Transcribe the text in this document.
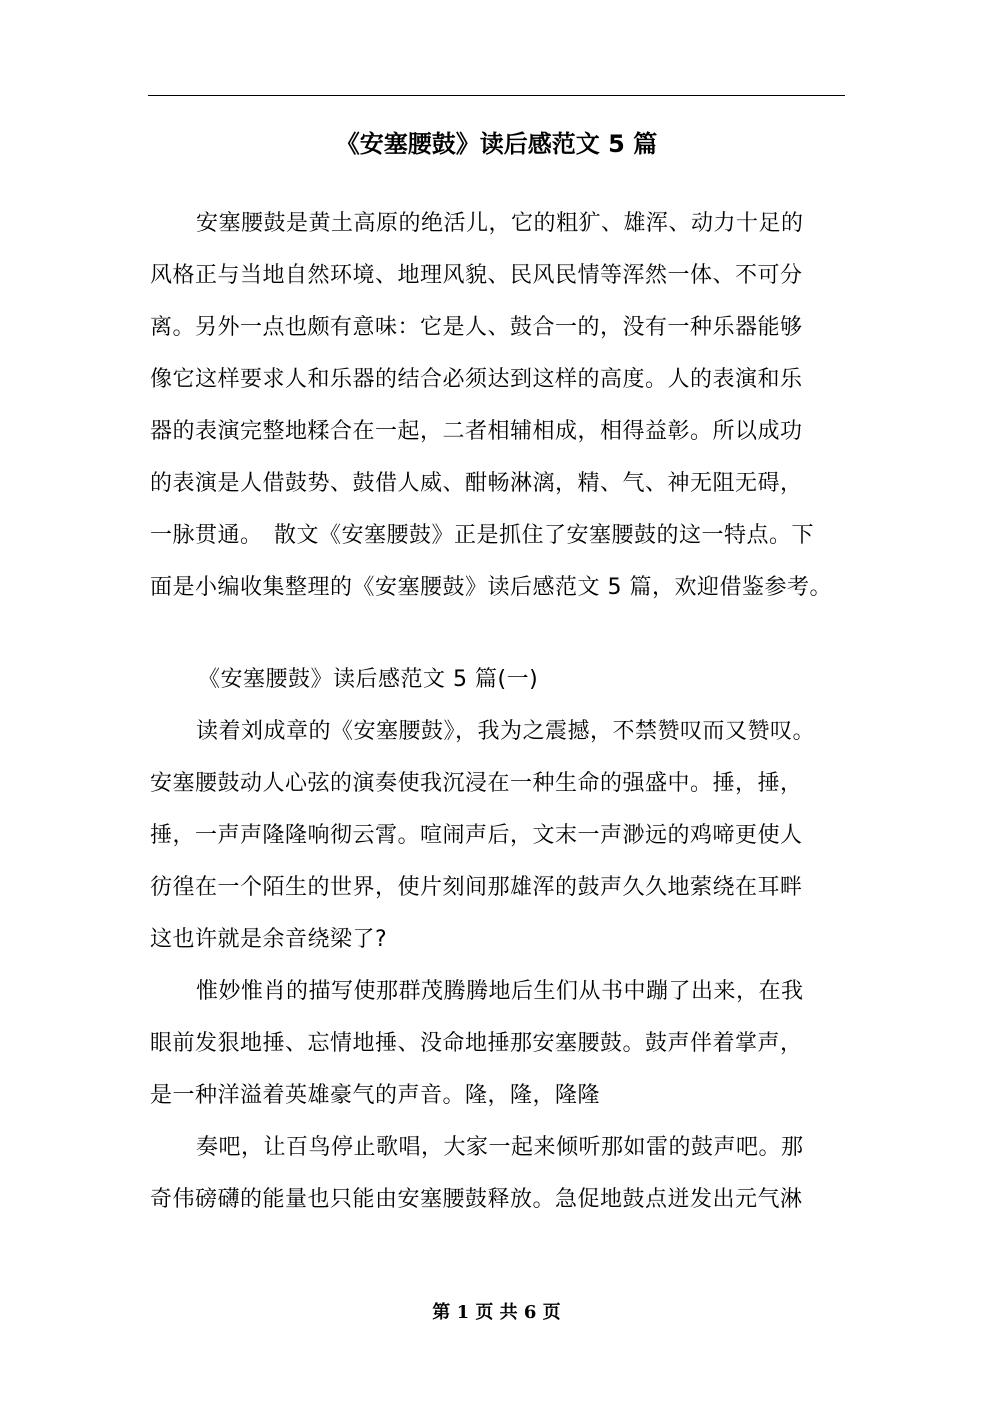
《安塞腰鼓》读后感范文 5 篇
安塞腰鼓是黄土高原的绝活儿，它的粗犷、雄浑、动力十足的
风格正与当地自然环境、地理风貌、民风民情等浑然一体、不可分
离。另外一点也颇有意味：它是人、鼓合一的，没有一种乐器能够
像它这样要求人和乐器的结合必须达到这样的高度。人的表演和乐
器的表演完整地糅合在一起，二者相辅相成，相得益彰。所以成功
的表演是人借鼓势、鼓借人威、酣畅淋漓，精、气、神无阻无碍，
一脉贯通。　散文《安塞腰鼓》正是抓住了安塞腰鼓的这一特点。下
面是小编收集整理的《安塞腰鼓》读后感范文 5 篇，欢迎借鉴参考。
《安塞腰鼓》读后感范文 5 篇(一)
读着刘成章的《安塞腰鼓》，我为之震撼，不禁赞叹而又赞叹。
安塞腰鼓动人心弦的演奏使我沉浸在一种生命的强盛中。捶，捶，
捶，一声声隆隆响彻云霄。喧闹声后，文末一声渺远的鸡啼更使人
彷徨在一个陌生的世界，使片刻间那雄浑的鼓声久久地萦绕在耳畔
这也许就是余音绕梁了?
惟妙惟肖的描写使那群茂腾腾地后生们从书中蹦了出来，在我
眼前发狠地捶、忘情地捶、没命地捶那安塞腰鼓。鼓声伴着掌声，
是一种洋溢着英雄豪气的声音。隆，隆，隆隆
奏吧，让百鸟停止歌唱，大家一起来倾听那如雷的鼓声吧。那
奇伟磅礴的能量也只能由安塞腰鼓释放。急促地鼓点迸发出元气淋
第 1 页 共 6 页
